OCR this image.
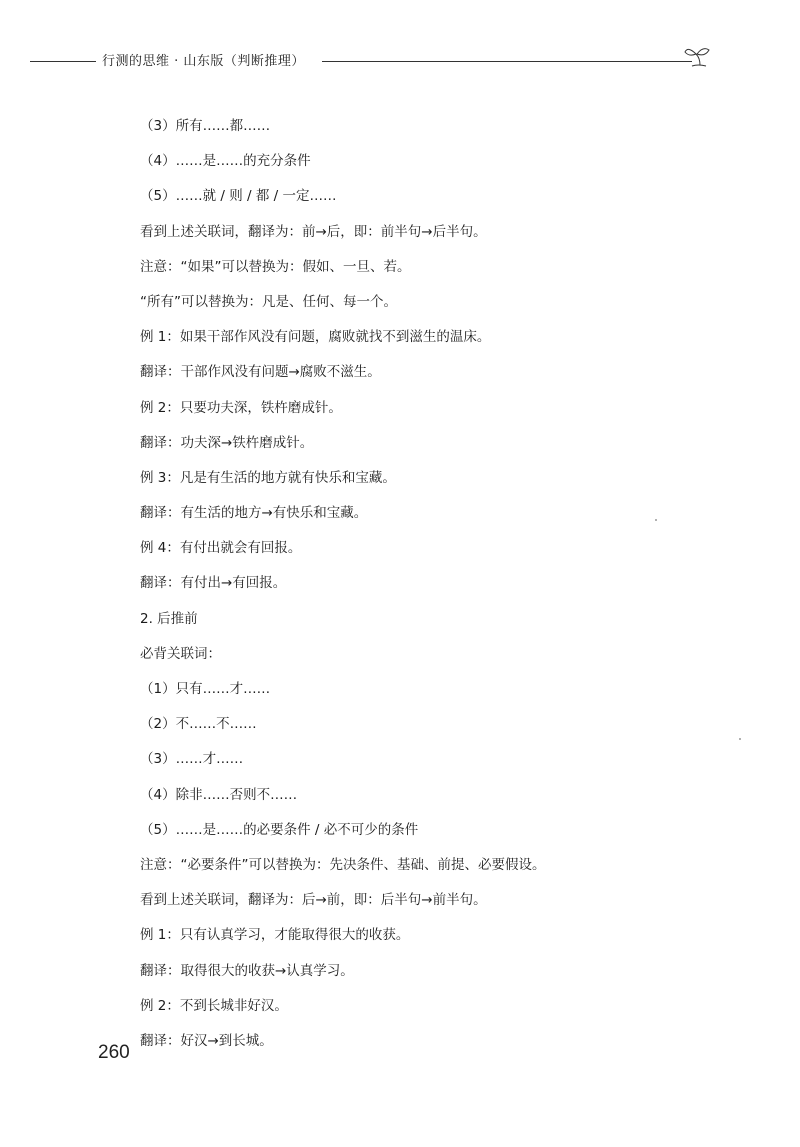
行测的思维 · 山东版（判断推理）
（3）所有……都……
（4）……是……的充分条件
（5）……就 / 则 / 都 / 一定……
看到上述关联词，翻译为：前→后，即：前半句→后半句。
注意：“如果”可以替换为：假如、一旦、若。
“所有”可以替换为：凡是、任何、每一个。
例 1：如果干部作风没有问题，腐败就找不到滋生的温床。
翻译：干部作风没有问题→腐败不滋生。
例 2：只要功夫深，铁杵磨成针。
翻译：功夫深→铁杵磨成针。
例 3：凡是有生活的地方就有快乐和宝藏。
翻译：有生活的地方→有快乐和宝藏。
例 4：有付出就会有回报。
翻译：有付出→有回报。
2. 后推前
必背关联词：
（1）只有……才……
（2）不……不……
（3）……才……
（4）除非……否则不……
（5）……是……的必要条件 / 必不可少的条件
注意：“必要条件”可以替换为：先决条件、基础、前提、必要假设。
看到上述关联词，翻译为：后→前，即：后半句→前半句。
例 1：只有认真学习，才能取得很大的收获。
翻译：取得很大的收获→认真学习。
例 2：不到长城非好汉。
翻译：好汉→到长城。
260
